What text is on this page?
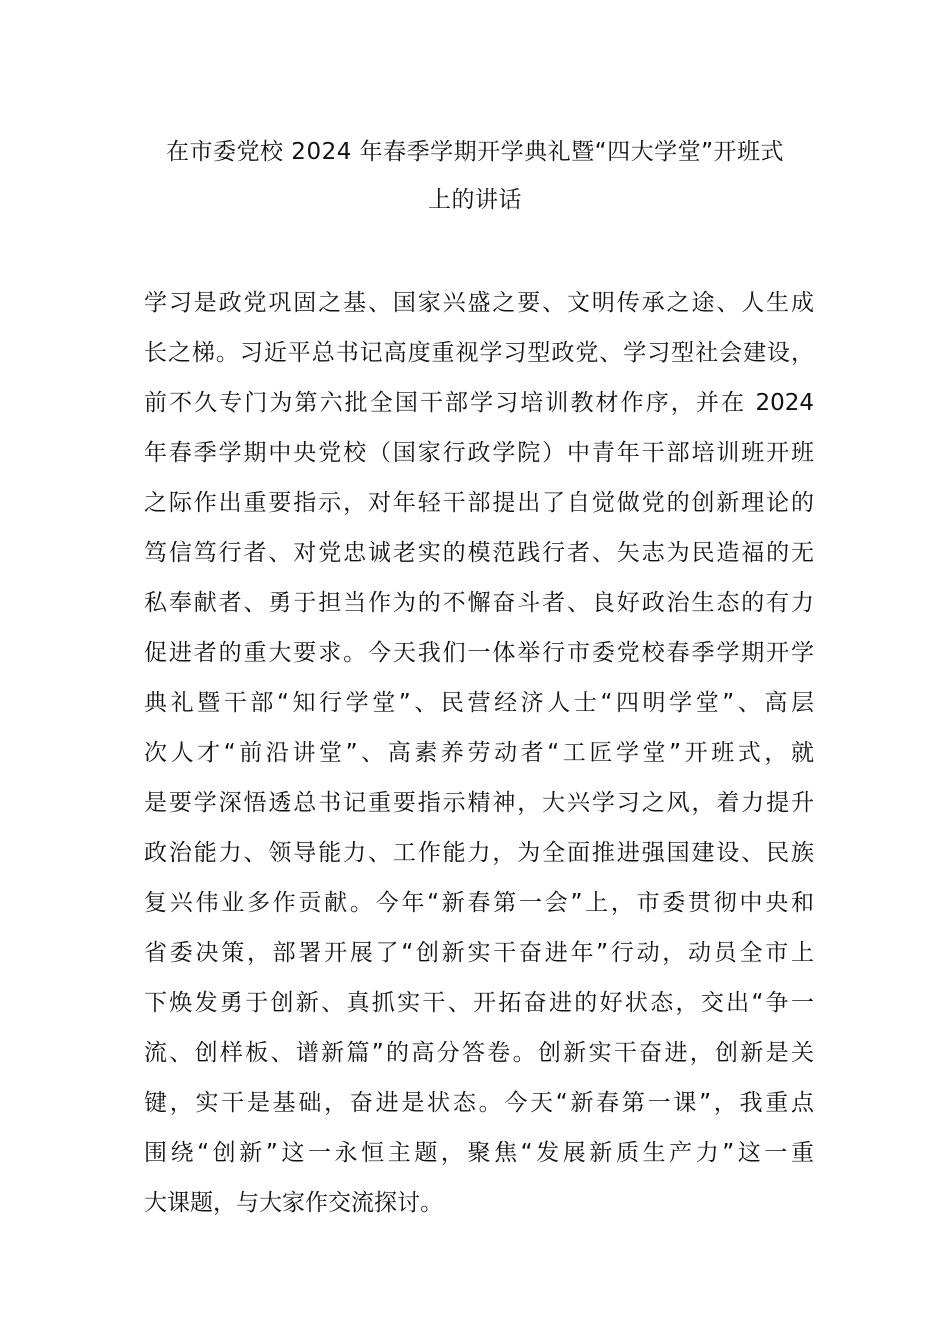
在市委党校 2024 年春季学期开学典礼暨“四大学堂”开班式
上的讲话
学习是政党巩固之基、国家兴盛之要、文明传承之途、人生成
长之梯。习近平总书记高度重视学习型政党、学习型社会建设，
前不久专门为第六批全国干部学习培训教材作序，并在 2024
年春季学期中央党校（国家行政学院）中青年干部培训班开班
之际作出重要指示，对年轻干部提出了自觉做党的创新理论的
笃信笃行者、对党忠诚老实的模范践行者、矢志为民造福的无
私奉献者、勇于担当作为的不懈奋斗者、良好政治生态的有力
促进者的重大要求。今天我们一体举行市委党校春季学期开学
典礼暨干部“知行学堂”、民营经济人士“四明学堂”、高层
次人才“前沿讲堂”、高素养劳动者“工匠学堂”开班式，就
是要学深悟透总书记重要指示精神，大兴学习之风，着力提升
政治能力、领导能力、工作能力，为全面推进强国建设、民族
复兴伟业多作贡献。今年“新春第一会”上，市委贯彻中央和
省委决策，部署开展了“创新实干奋进年”行动，动员全市上
下焕发勇于创新、真抓实干、开拓奋进的好状态，交出“争一
流、创样板、谱新篇”的高分答卷。创新实干奋进，创新是关
键，实干是基础，奋进是状态。今天“新春第一课”，我重点
围绕“创新”这一永恒主题，聚焦“发展新质生产力”这一重
大课题，与大家作交流探讨。
